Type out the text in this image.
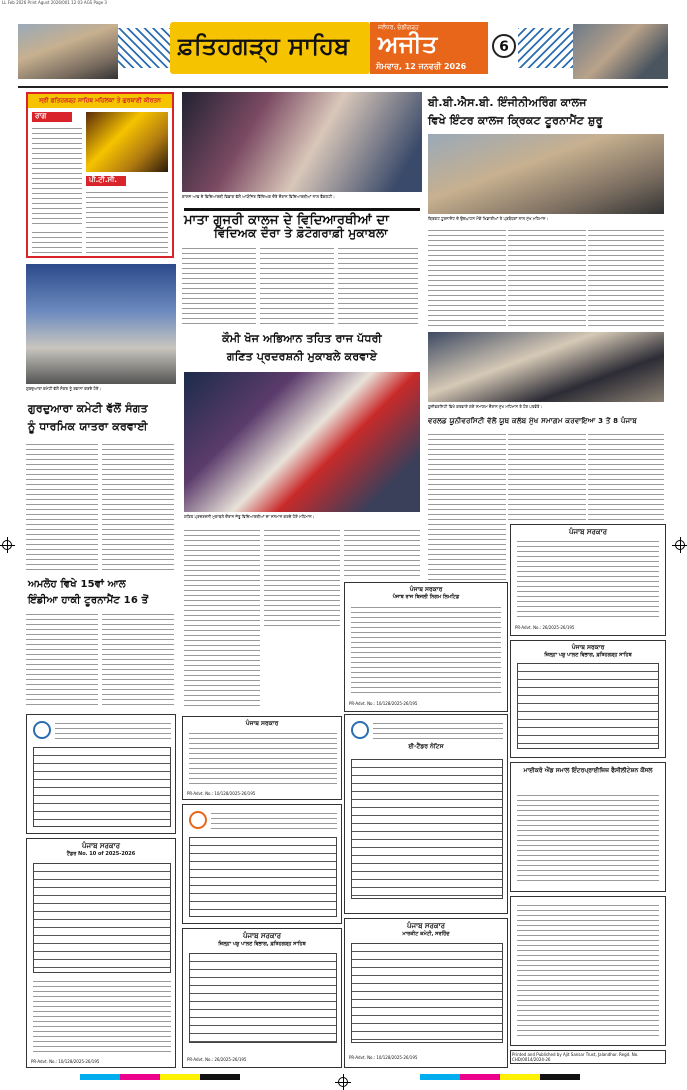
LL Feb 2026 Print Agust 2026/001 12 03 AGS Page 3
ਫ਼ਤਿਹਗੜ੍ਹ ਸਾਹਿਬ
ਜਲੰਧਰ, ਚੰਡੀਗੜ੍ਹ
ਅਜੀਤ
ਸੋਮਵਾਰ, 12 ਜਨਵਰੀ 2026
6
ਸ੍ਰੀ ਫ਼ਤਿਹਗੜ੍ਹ ਸਾਹਿਬ ਮਹਿਲਕਾ ਤੇ ਗੁਰਬਾਣੀ ਕੀਰਤਨ
ਰਾਗ
ਪੀ.ਟੀ.ਸੀ.
ਕਾਲਜ ਆਫ਼ ਦੇ ਵਿਦਿਆਰਥੀ ਵਿਭਾਗ ਵੱਲੋਂ ਆਯੋਜਿਤ ਵਿੱਦਿਅਕ ਦੌਰੇ ਦੌਰਾਨ ਵਿਦਿਆਰਥੀਆਂ ਨਾਲ ਫੈਕਲਟੀ।
ਮਾਤਾ ਗੁਜਰੀ ਕਾਲਜ ਦੇ ਵਿਦਿਆਰਥੀਆਂ ਦਾ
ਵਿੱਦਿਅਕ ਦੌਰਾ ਤੇ ਫ਼ੋਟੋਗਰਾਫ਼ੀ ਮੁਕਾਬਲਾ
ਬੀ.ਬੀ.ਐਸ.ਬੀ. ਇੰਜੀਨੀਅਰਿੰਗ ਕਾਲਜ
ਵਿਖੇ ਇੰਟਰ ਕਾਲਜ ਕ੍ਰਿਕਟ ਟੂਰਨਾਮੈਂਟ ਸ਼ੁਰੂ
ਕ੍ਰਿਕਟ ਟੂਰਨਾਮੈਂਟ ਦੇ ਉਦਘਾਟਨ ਮੌਕੇ ਖਿਡਾਰੀਆਂ ਤੇ ਪ੍ਰਬੰਧਕਾਂ ਨਾਲ ਮੁੱਖ ਮਹਿਮਾਨ।
ਗੁਰਦੁਆਰਾ ਕਮੇਟੀ ਵੱਲੋਂ ਸੰਗਤ ਨੂੰ ਰਵਾਨਾ ਕਰਦੇ ਹੋਏ।
ਗੁਰਦੁਆਰਾ ਕਮੇਟੀ ਵੱਲੋਂ ਸੰਗਤ
ਨੂੰ ਧਾਰਮਿਕ ਯਾਤਰਾ ਕਰਵਾਈ
ਅਮਲੋਹ ਵਿਖੇ 15ਵਾਂ ਆਲ
ਇੰਡੀਆ ਹਾਕੀ ਟੂਰਨਾਮੈਂਟ 16 ਤੋਂ
ਕੌਮੀ ਖੋਜ ਅਭਿਆਨ ਤਹਿਤ ਰਾਜ ਪੱਧਰੀ
ਗਣਿਤ ਪ੍ਰਦਰਸ਼ਨੀ ਮੁਕਾਬਲੇ ਕਰਵਾਏ
ਗਣਿਤ ਪ੍ਰਦਰਸ਼ਨੀ ਮੁਕਾਬਲੇ ਦੌਰਾਨ ਜੇਤੂ ਵਿਦਿਆਰਥੀਆਂ ਦਾ ਸਨਮਾਨ ਕਰਦੇ ਹੋਏ ਮਹਿਮਾਨ।
ਯੂਨੀਵਰਸਿਟੀ ਵਿਖੇ ਕਰਵਾਏ ਗਏ ਸਮਾਗਮ ਦੌਰਾਨ ਮੁੱਖ ਮਹਿਮਾਨ ਤੇ ਹੋਰ ਪਤਵੰਤੇ।
ਵਰਲਡ ਯੂਨੀਵਰਸਿਟੀ ਵੱਲੋਂ ਯੂਥ ਕਲੱਬ ਮੁੱਖ ਸਮਾਗਮ ਕਰਵਾਇਆ 3 ਤੋਂ 8 ਪੰਜਾਬ
ਪੰਜਾਬ ਸਰਕਾਰ
ਪੰਜਾਬ ਰਾਜ ਬਿਜਲੀ ਨਿਗਮ ਲਿਮਟਿਡ
PR-Advt. No.: 10/128/2025-26/195
ਪੰਜਾਬ ਸਰਕਾਰ
PR-Advt. No.: 26/2025-26/195
ਪੰਜਾਬ ਸਰਕਾਰ
ਜ਼ਿਲ੍ਹਾ ਪਸ਼ੂ ਪਾਲਣ ਵਿਭਾਗ, ਫ਼ਤਿਹਗੜ੍ਹ ਸਾਹਿਬ
ਪੰਜਾਬ ਸਰਕਾਰ
PR-Advt. No.: 10/128/2025-26/195
ਈ-ਟੈਂਡਰ ਨੋਟਿਸ
ਪੰਜਾਬ ਸਰਕਾਰ
ਟੈਂਡਰ No. 10 of 2025-2026
PR-Advt. No.: 10/128/2025-26/195
ਪੰਜਾਬ ਸਰਕਾਰ
ਜ਼ਿਲ੍ਹਾ ਪਸ਼ੂ ਪਾਲਣ ਵਿਭਾਗ, ਫ਼ਤਿਹਗੜ੍ਹ ਸਾਹਿਬ
PR-Advt. No.: 26/2025-26/195
ਪੰਜਾਬ ਸਰਕਾਰ
ਮਾਰਕੀਟ ਕਮੇਟੀ, ਸਰਹਿੰਦ
PR-Advt. No.: 10/128/2025-26/195
ਮਾਈਕਰੋ ਐਂਡ ਸਮਾਲ ਇੰਟਰਪ੍ਰਾਈਜ਼ਿਜ਼ ਫੈਸੀਲੀਟੇਸ਼ਨ ਕੌਂਸਲ
Printed and Published by Ajit Sansar Trust, Jalandhar. Regd. No. CHD/0014/2024-26
